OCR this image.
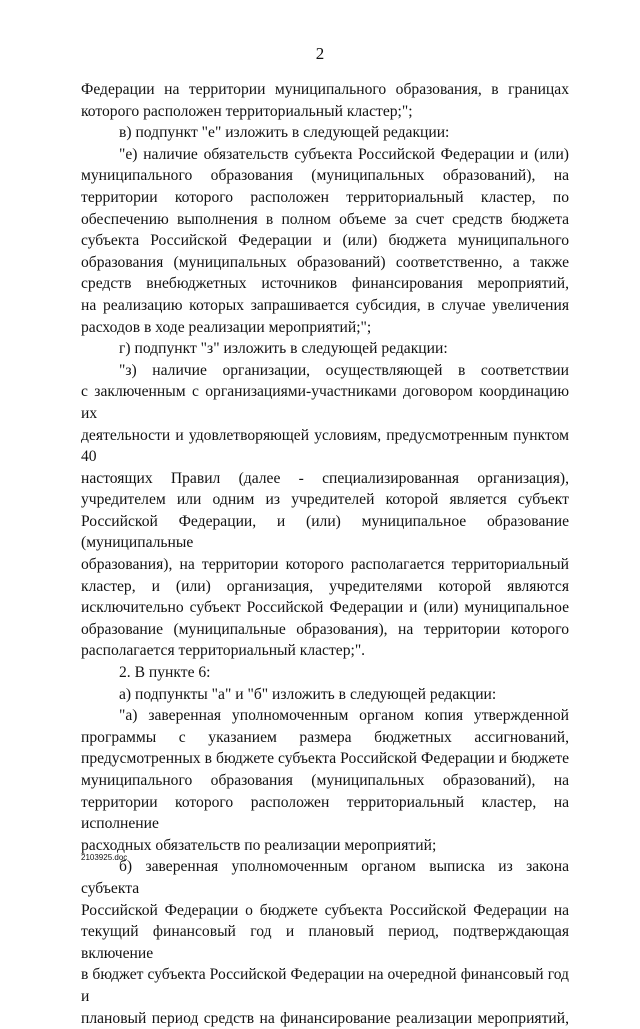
2
Федерации на территории муниципального образования, в границах
которого расположен территориальный кластер;";
в) подпункт "е" изложить в следующей редакции:
"е) наличие обязательств субъекта Российской Федерации и (или)
муниципального образования (муниципальных образований), на
территории которого расположен территориальный кластер, по
обеспечению выполнения в полном объеме за счет средств бюджета
субъекта Российской Федерации и (или) бюджета муниципального
образования (муниципальных образований) соответственно, а также
средств внебюджетных источников финансирования мероприятий,
на реализацию которых запрашивается субсидия, в случае увеличения
расходов в ходе реализации мероприятий;";
г) подпункт "з" изложить в следующей редакции:
"з) наличие организации, осуществляющей в соответствии
с заключенным с организациями-участниками договором координацию их
деятельности и удовлетворяющей условиям, предусмотренным пунктом 40
настоящих Правил (далее - специализированная организация),
учредителем или одним из учредителей которой является субъект
Российской Федерации, и (или) муниципальное образование (муниципальные
образования), на территории которого располагается территориальный
кластер, и (или) организация, учредителями которой являются
исключительно субъект Российской Федерации и (или) муниципальное
образование (муниципальные образования), на территории которого
располагается территориальный кластер;".
2. В пункте 6:
а) подпункты "а" и "б" изложить в следующей редакции:
"а) заверенная уполномоченным органом копия утвержденной
программы с указанием размера бюджетных ассигнований,
предусмотренных в бюджете субъекта Российской Федерации и бюджете
муниципального образования (муниципальных образований), на
территории которого расположен территориальный кластер, на исполнение
расходных обязательств по реализации мероприятий;
б) заверенная уполномоченным органом выписка из закона субъекта
Российской Федерации о бюджете субъекта Российской Федерации на
текущий финансовый год и плановый период, подтверждающая включение
в бюджет субъекта Российской Федерации на очередной финансовый год и
плановый период средств на финансирование реализации мероприятий,
2103925.doc
